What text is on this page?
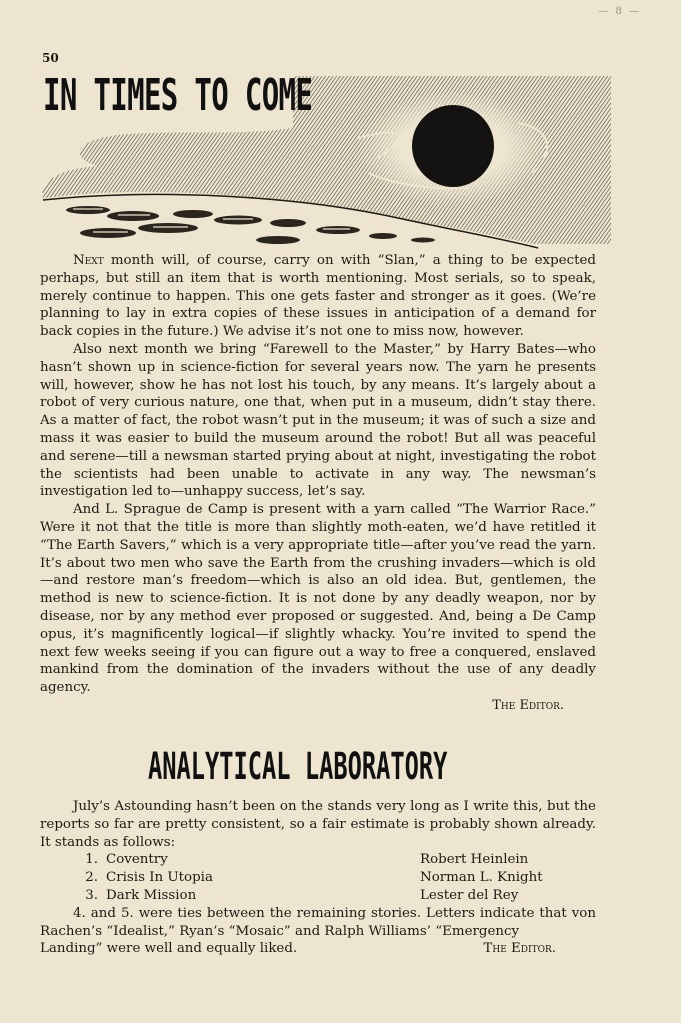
— 8 —
50
IN TIMES TO COME

Next month will, of course, carry on with “Slan,” a thing to be expected perhaps, but still an item that is worth mentioning. Most serials, so to speak, merely continue to happen. This one gets faster and stronger as it goes. (We’re planning to lay in extra copies of these issues in anticipation of a demand for back copies in the future.) We advise it’s not one to miss now, however.

Also next month we bring “Farewell to the Master,” by Harry Bates—who hasn’t shown up in science-fiction for several years now. The yarn he presents will, however, show he has not lost his touch, by any means. It’s largely about a robot of very curious nature, one that, when put in a museum, didn’t stay there. As a matter of fact, the robot wasn’t put in the museum; it was of such a size and mass it was easier to build the museum around the robot! But all was peaceful and serene—till a newsman started prying about at night, investigating the robot the scientists had been unable to activate in any way. The newsman’s investigation led to—unhappy success, let’s say.

And L. Sprague de Camp is present with a yarn called “The Warrior Race.” Were it not that the title is more than slightly moth-eaten, we’d have retitled it “The Earth Savers,” which is a very appropriate title—after you’ve read the yarn. It’s about two men who save the Earth from the crushing invaders—which is old—and restore man’s freedom—which is also an old idea. But, gentlemen, the method is new to science-fiction. It is not done by any deadly weapon, nor by disease, nor by any method ever proposed or suggested. And, being a De Camp opus, it’s magnificently logical—if slightly whacky. You’re invited to spend the next few weeks seeing if you can figure out a way to free a conquered, enslaved mankind from the domination of the invaders without the use of any deadly agency.

The Editor.
ANALYTICAL LABORATORY

July’s Astounding hasn’t been on the stands very long as I write this, but the reports so far are pretty consistent, so a fair estimate is probably shown already. It stands as follows:

1. Coventry	Robert Heinlein
2. Crisis In Utopia	Norman L. Knight
3. Dark Mission	Lester del Rey

4. and 5. were ties between the remaining stories. Letters indicate that von Rachen’s “Idealist,” Ryan’s “Mosaic” and Ralph Williams’ “Emergency

Landing” were well and equally liked.	The Editor.
